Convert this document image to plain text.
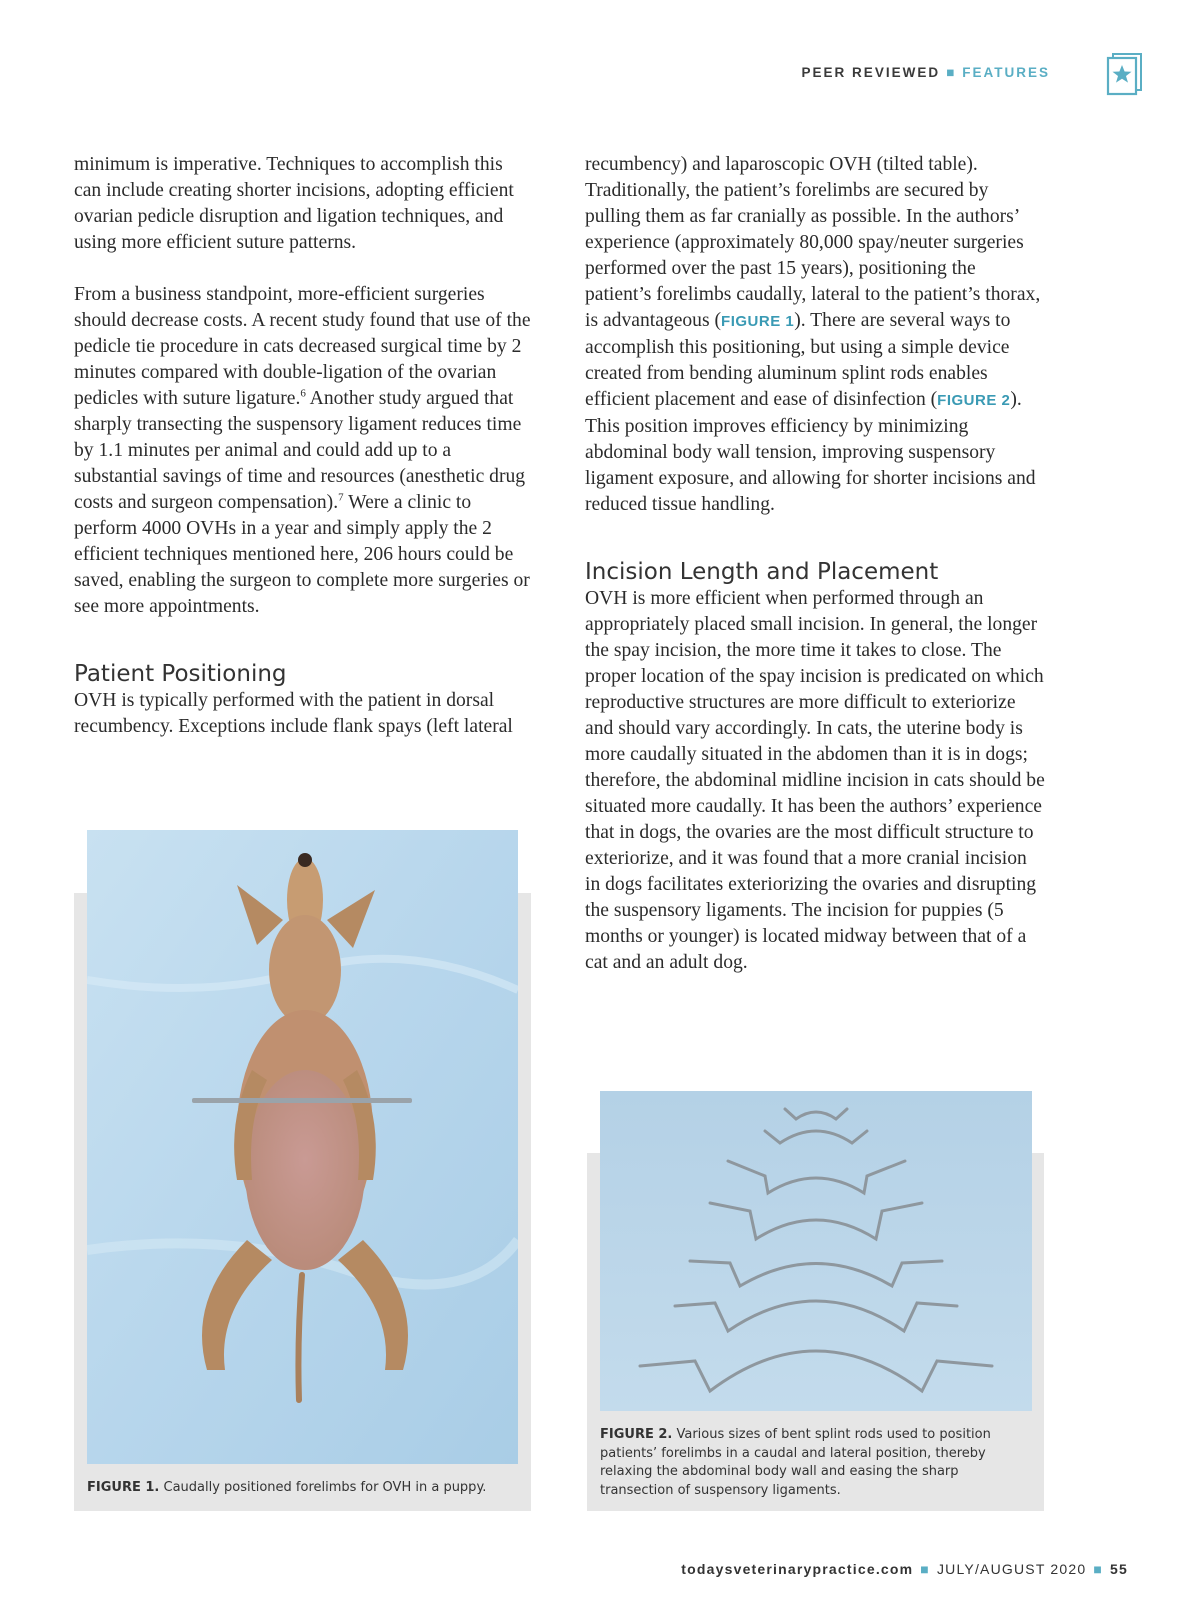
PEER REVIEWED ■ FEATURES

minimum is imperative. Techniques to accomplish this can include creating shorter incisions, adopting efficient ovarian pedicle disruption and ligation techniques, and using more efficient suture patterns.

From a business standpoint, more-efficient surgeries should decrease costs. A recent study found that use of the pedicle tie procedure in cats decreased surgical time by 2 minutes compared with double-ligation of the ovarian pedicles with suture ligature.$^6$ Another study argued that sharply transecting the suspensory ligament reduces time by 1.1 minutes per animal and could add up to a substantial savings of time and resources (anesthetic drug costs and surgeon compensation).$^7$ Were a clinic to perform 4000 OVHs in a year and simply apply the 2 efficient techniques mentioned here, 206 hours could be saved, enabling the surgeon to complete more surgeries or see more appointments.

Patient Positioning

OVH is typically performed with the patient in dorsal recumbency. Exceptions include flank spays (left lateral

recumbency) and laparoscopic OVH (tilted table). Traditionally, the patient’s forelimbs are secured by pulling them as far cranially as possible. In the authors’ experience (approximately 80,000 spay/neuter surgeries performed over the past 15 years), positioning the patient’s forelimbs caudally, lateral to the patient’s thorax, is advantageous (FIGURE 1). There are several ways to accomplish this positioning, but using a simple device created from bending aluminum splint rods enables efficient placement and ease of disinfection (FIGURE 2). This position improves efficiency by minimizing abdominal body wall tension, improving suspensory ligament exposure, and allowing for shorter incisions and reduced tissue handling.

Incision Length and Placement

OVH is more efficient when performed through an appropriately placed small incision. In general, the longer the spay incision, the more time it takes to close. The proper location of the spay incision is predicated on which reproductive structures are more difficult to exteriorize and should vary accordingly. In cats, the uterine body is more caudally situated in the abdomen than it is in dogs; therefore, the abdominal midline incision in cats should be situated more caudally. It has been the authors’ experience that in dogs, the ovaries are the most difficult structure to exteriorize, and it was found that a more cranial incision in dogs facilitates exteriorizing the ovaries and disrupting the suspensory ligaments. The incision for puppies (5 months or younger) is located midway between that of a cat and an adult dog.

FIGURE 1. Caudally positioned forelimbs for OVH in a puppy.
FIGURE 2. Various sizes of bent splint rods used to position patients’ forelimbs in a caudal and lateral position, thereby relaxing the abdominal body wall and easing the sharp transection of suspensory ligaments.
todaysveterinarypractice.com ■ JULY/AUGUST 2020 ■ 55
